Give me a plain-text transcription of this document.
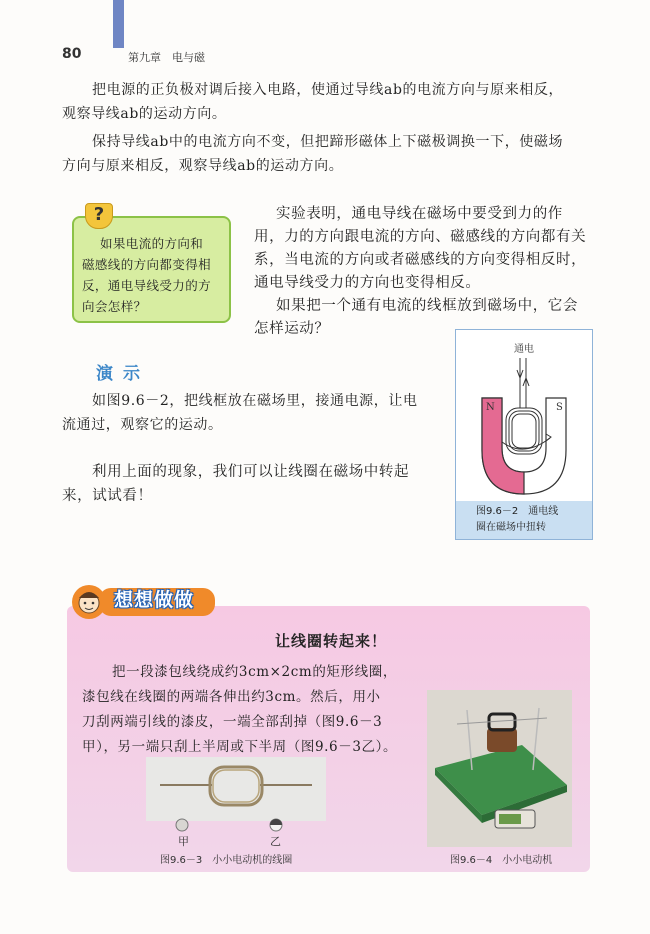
80	第九章　电与磁

把电源的正负极对调后接入电路，使通过导线ab的电流方向与原来相反，

观察导线ab的运动方向。

保持导线ab中的电流方向不变，但把蹄形磁体上下磁极调换一下，使磁场

方向与原来相反，观察导线ab的运动方向。

如果电流的方向和

磁感线的方向都变得相

反，通电导线受力的方

向会怎样？

?	实验表明，通电导线在磁场中要受到力的作

用，力的方向跟电流的方向、磁感线的方向都有关

系，当电流的方向或者磁感线的方向变得相反时，

通电导线受力的方向也变得相反。

如果把一个通有电流的线框放到磁场中，它会

怎样运动？

演示

如图9.6－2，把线框放在磁场里，接通电源，让电

流通过，观察它的运动。

利用上面的现象，我们可以让线圈在磁场中转起

来，试试看！

通电
N	S
图9.6－2　通电线
圈在磁场中扭转
想想做做
让线圈转起来！

把一段漆包线绕成约3cm×2cm的矩形线圈，

漆包线在线圈的两端各伸出约3cm。然后，用小

刀刮两端引线的漆皮，一端全部刮掉（图9.6－3

甲），另一端只刮上半周或下半周（图9.6－3乙）。

甲	乙
图9.6－3　小小电动机的线圈	图9.6－4　小小电动机
